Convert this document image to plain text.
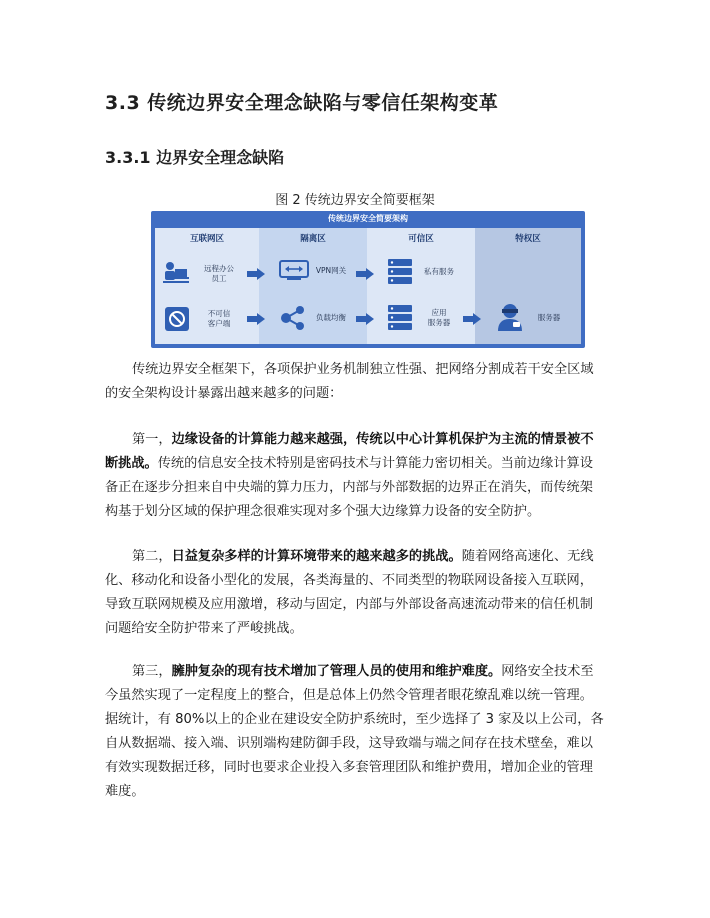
3.3 传统边界安全理念缺陷与零信任架构变革
3.3.1 边界安全理念缺陷
图 2 传统边界安全简要框架
传统边界安全简要架构
互联网区	隔离区	可信区	特权区
远程办公
员工
VPN网关	私有服务
不可信
客户端
负载均衡
应用
服务器
服务器

传统边界安全框架下，各项保护业务机制独立性强、把网络分割成若干安全区域的安全架构设计暴露出越来越多的问题：

第一，边缘设备的计算能力越来越强，传统以中心计算机保护为主流的情景被不断挑战。传统的信息安全技术特别是密码技术与计算能力密切相关。当前边缘计算设备正在逐步分担来自中央端的算力压力，内部与外部数据的边界正在消失，而传统架构基于划分区域的保护理念很难实现对多个强大边缘算力设备的安全防护。

第二，日益复杂多样的计算环境带来的越来越多的挑战。随着网络高速化、无线化、移动化和设备小型化的发展，各类海量的、不同类型的物联网设备接入互联网，导致互联网规模及应用激增，移动与固定，内部与外部设备高速流动带来的信任机制问题给安全防护带来了严峻挑战。

第三，臃肿复杂的现有技术增加了管理人员的使用和维护难度。网络安全技术至今虽然实现了一定程度上的整合，但是总体上仍然令管理者眼花缭乱难以统一管理。据统计，有 80%以上的企业在建设安全防护系统时，至少选择了 3 家及以上公司，各自从数据端、接入端、识别端构建防御手段，这导致端与端之间存在技术壁垒，难以有效实现数据迁移，同时也要求企业投入多套管理团队和维护费用，增加企业的管理难度。
